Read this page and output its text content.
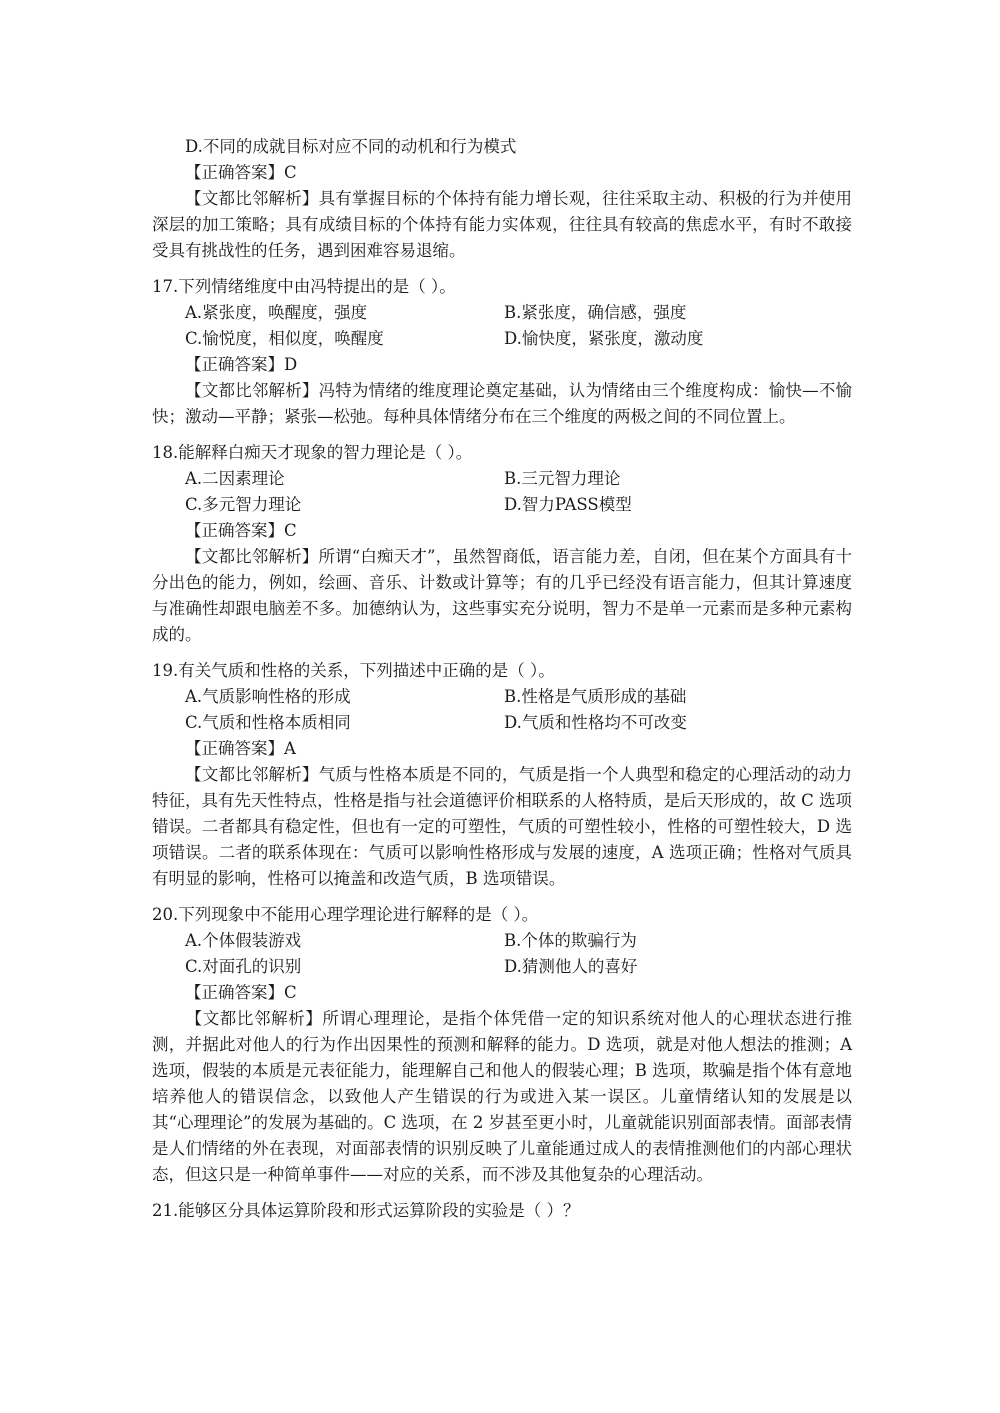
D.不同的成就目标对应不同的动机和行为模式
【正确答案】C
【文都比邻解析】具有掌握目标的个体持有能力增长观，往往采取主动、积极的行为并使用深层的加工策略；具有成绩目标的个体持有能力实体观，往往具有较高的焦虑水平，有时不敢接受具有挑战性的任务，遇到困难容易退缩。
17.下列情绪维度中由冯特提出的是（ ）。
A.紧张度，唤醒度，强度	B.紧张度，确信感，强度
C.愉悦度，相似度，唤醒度	D.愉快度，紧张度，激动度
【正确答案】D
【文都比邻解析】冯特为情绪的维度理论奠定基础，认为情绪由三个维度构成：愉快—不愉快；激动—平静；紧张—松弛。每种具体情绪分布在三个维度的两极之间的不同位置上。
18.能解释白痴天才现象的智力理论是（ ）。
A.二因素理论	B.三元智力理论
C.多元智力理论	D.智力PASS模型
【正确答案】C
【文都比邻解析】所谓“白痴天才”，虽然智商低，语言能力差，自闭，但在某个方面具有十分出色的能力，例如，绘画、音乐、计数或计算等；有的几乎已经没有语言能力，但其计算速度与准确性却跟电脑差不多。加德纳认为，这些事实充分说明，智力不是单一元素而是多种元素构成的。
19.有关气质和性格的关系，下列描述中正确的是（ ）。
A.气质影响性格的形成	B.性格是气质形成的基础
C.气质和性格本质相同	D.气质和性格均不可改变
【正确答案】A
【文都比邻解析】气质与性格本质是不同的，气质是指一个人典型和稳定的心理活动的动力特征，具有先天性特点，性格是指与社会道德评价相联系的人格特质，是后天形成的，故 C 选项错误。二者都具有稳定性，但也有一定的可塑性，气质的可塑性较小，性格的可塑性较大，D 选项错误。二者的联系体现在：气质可以影响性格形成与发展的速度，A 选项正确；性格对气质具有明显的影响，性格可以掩盖和改造气质，B 选项错误。
20.下列现象中不能用心理学理论进行解释的是（ ）。
A.个体假装游戏	B.个体的欺骗行为
C.对面孔的识别	D.猜测他人的喜好
【正确答案】C
【文都比邻解析】所谓心理理论，是指个体凭借一定的知识系统对他人的心理状态进行推测，并据此对他人的行为作出因果性的预测和解释的能力。D 选项，就是对他人想法的推测；A 选项，假装的本质是元表征能力，能理解自己和他人的假装心理；B 选项，欺骗是指个体有意地培养他人的错误信念，以致他人产生错误的行为或进入某一误区。儿童情绪认知的发展是以其“心理理论”的发展为基础的。C 选项，在 2 岁甚至更小时，儿童就能识别面部表情。面部表情是人们情绪的外在表现，对面部表情的识别反映了儿童能通过成人的表情推测他们的内部心理状态，但这只是一种简单事件——对应的关系，而不涉及其他复杂的心理活动。
21.能够区分具体运算阶段和形式运算阶段的实验是（ ）？
